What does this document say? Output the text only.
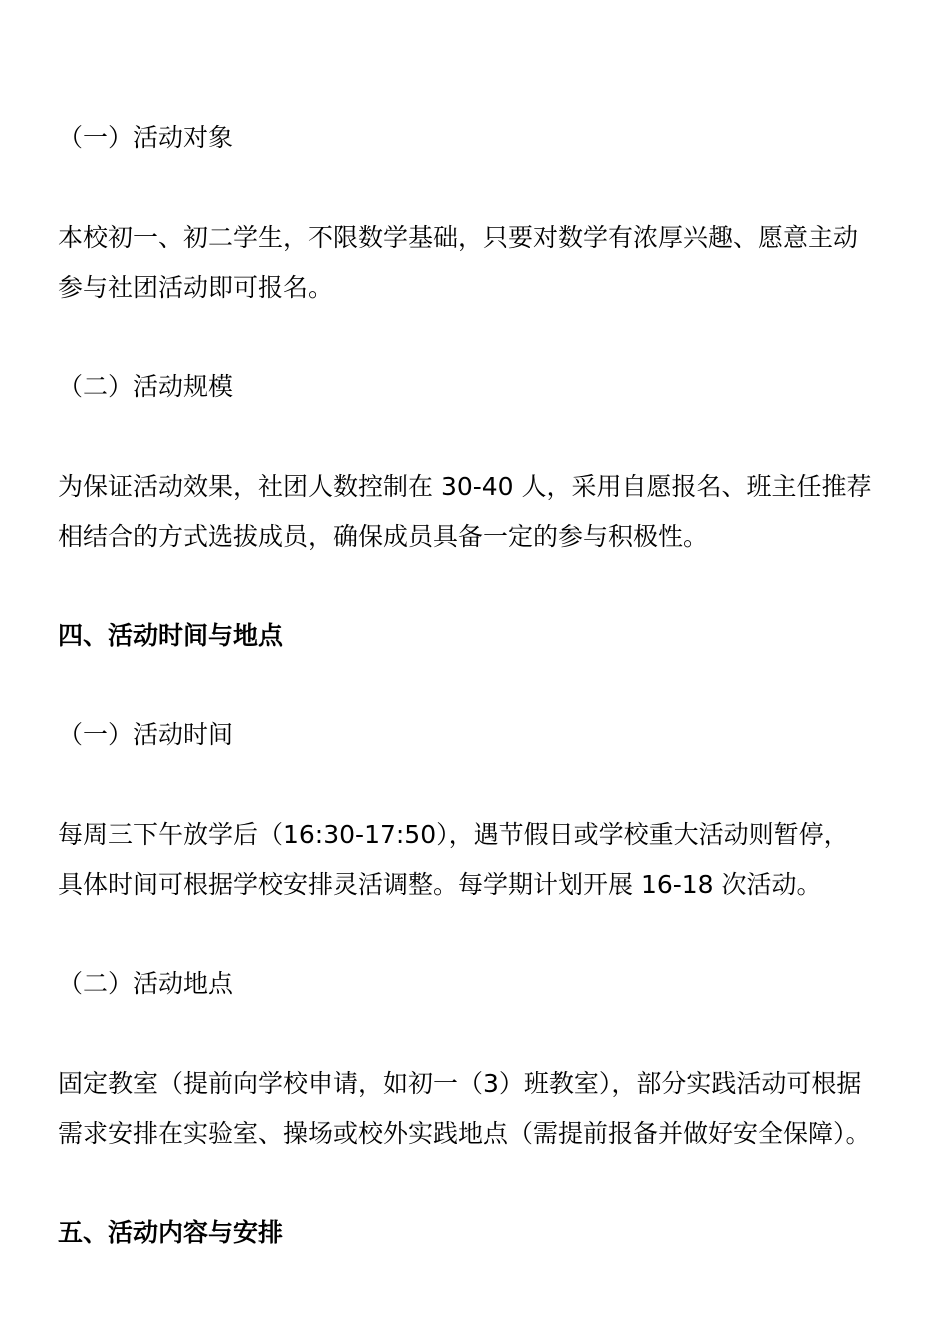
（一）活动对象
本校初一、初二学生，不限数学基础，只要对数学有浓厚兴趣、愿意主动
参与社团活动即可报名。
（二）活动规模
为保证活动效果，社团人数控制在 30-40 人，采用自愿报名、班主任推荐
相结合的方式选拔成员，确保成员具备一定的参与积极性。
四、活动时间与地点
（一）活动时间
每周三下午放学后（16:30-17:50），遇节假日或学校重大活动则暂停，
具体时间可根据学校安排灵活调整。每学期计划开展 16-18 次活动。
（二）活动地点
固定教室（提前向学校申请，如初一（3）班教室），部分实践活动可根据
需求安排在实验室、操场或校外实践地点（需提前报备并做好安全保障）。
五、活动内容与安排
